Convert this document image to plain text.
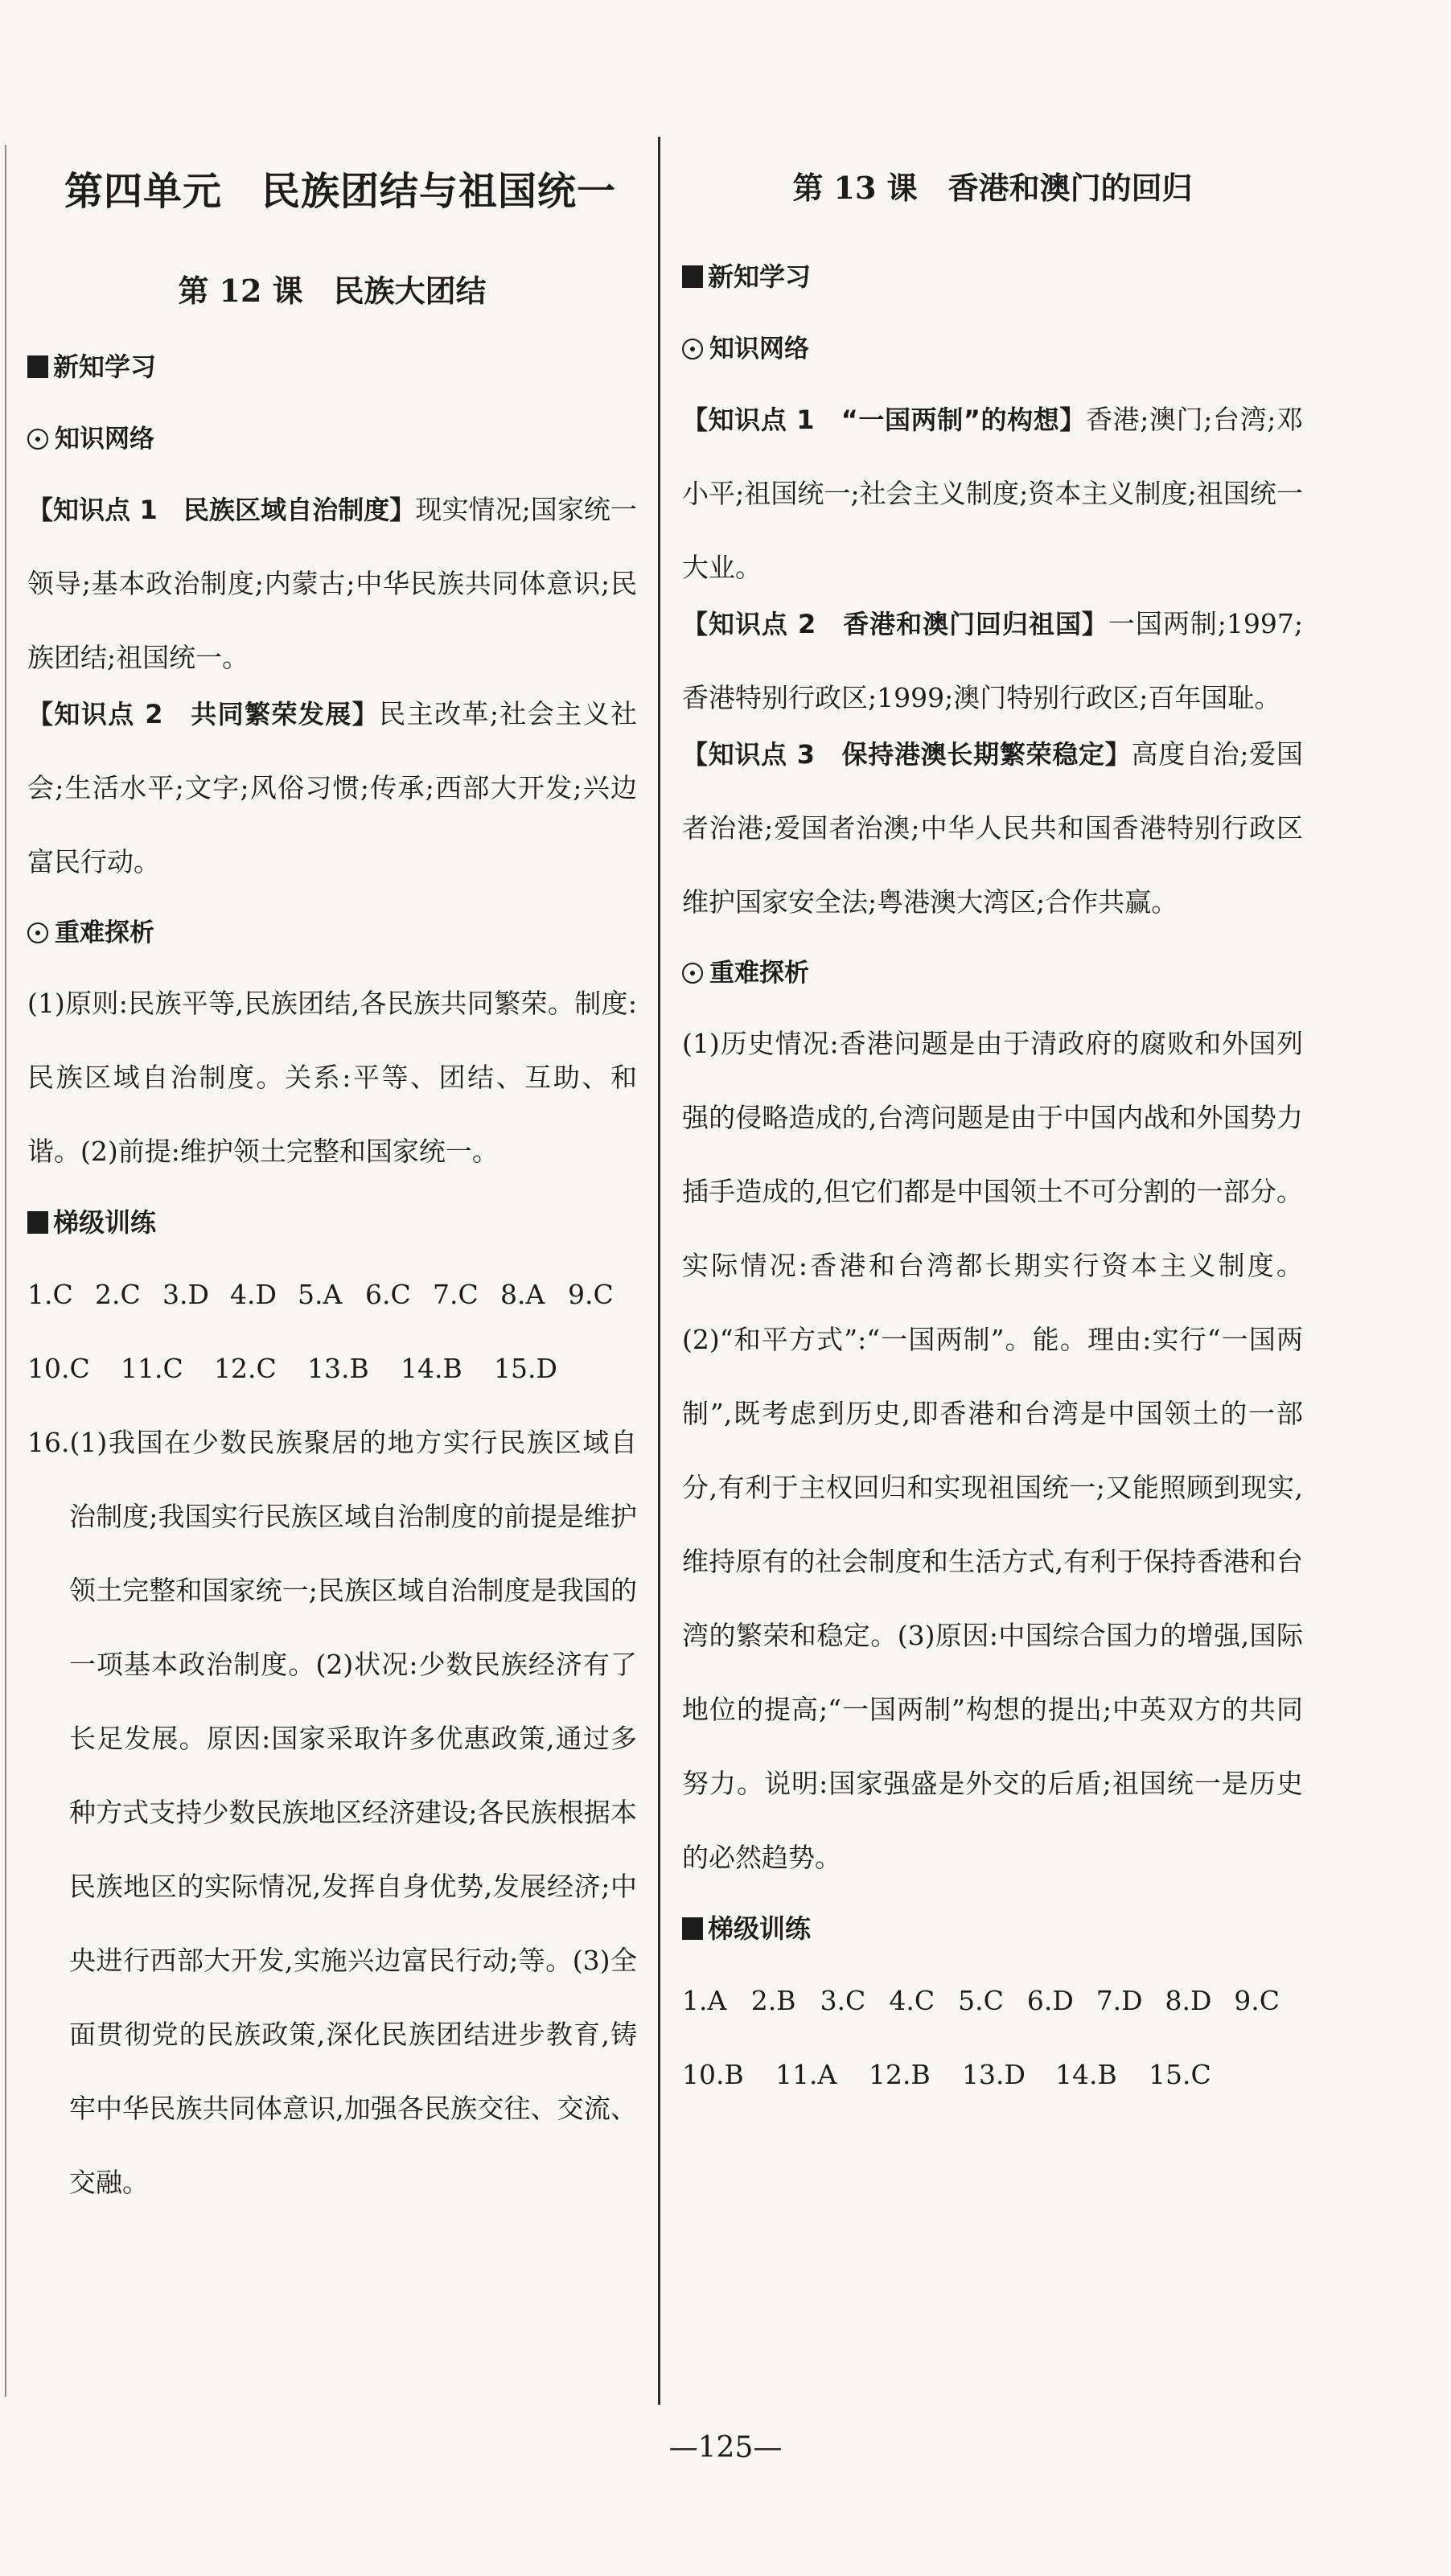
第四单元　民族团结与祖国统一
第 12 课　民族大团结
新知学习
知识网络

【知识点 1　民族区域自治制度】现实情况;国家统一领导;基本政治制度;内蒙古;中华民族共同体意识;民族团结;祖国统一。

【知识点 2　共同繁荣发展】民主改革;社会主义社会;生活水平;文字;风俗习惯;传承;西部大开发;兴边富民行动。

重难探析

(1)原则:民族平等,民族团结,各民族共同繁荣。制度:民族区域自治制度。关系:平等、团结、互助、和谐。(2)前提:维护领土完整和国家统一。

梯级训练
1.C 2.C 3.D 4.D 5.A 6.C 7.C 8.A 9.C
10.C	11.C	12.C	13.B	14.B	15.D

16.(1)我国在少数民族聚居的地方实行民族区域自治制度;我国实行民族区域自治制度的前提是维护领土完整和国家统一;民族区域自治制度是我国的一项基本政治制度。(2)状况:少数民族经济有了长足发展。原因:国家采取许多优惠政策,通过多种方式支持少数民族地区经济建设;各民族根据本民族地区的实际情况,发挥自身优势,发展经济;中央进行西部大开发,实施兴边富民行动;等。(3)全面贯彻党的民族政策,深化民族团结进步教育,铸牢中华民族共同体意识,加强各民族交往、交流、交融。

第 13 课　香港和澳门的回归
新知学习
知识网络

【知识点 1　“一国两制”的构想】香港;澳门;台湾;邓小平;祖国统一;社会主义制度;资本主义制度;祖国统一大业。

【知识点 2　香港和澳门回归祖国】一国两制;1997;香港特别行政区;1999;澳门特别行政区;百年国耻。

【知识点 3　保持港澳长期繁荣稳定】高度自治;爱国者治港;爱国者治澳;中华人民共和国香港特别行政区维护国家安全法;粤港澳大湾区;合作共赢。

重难探析

(1)历史情况:香港问题是由于清政府的腐败和外国列强的侵略造成的,台湾问题是由于中国内战和外国势力插手造成的,但它们都是中国领土不可分割的一部分。实际情况:香港和台湾都长期实行资本主义制度。(2)“和平方式”:“一国两制”。能。理由:实行“一国两制”,既考虑到历史,即香港和台湾是中国领土的一部分,有利于主权回归和实现祖国统一;又能照顾到现实,维持原有的社会制度和生活方式,有利于保持香港和台湾的繁荣和稳定。(3)原因:中国综合国力的增强,国际地位的提高;“一国两制”构想的提出;中英双方的共同努力。说明:国家强盛是外交的后盾;祖国统一是历史的必然趋势。

梯级训练
1.A 2.B 3.C 4.C 5.C 6.D 7.D 8.D 9.C
10.B	11.A	12.B	13.D	14.B	15.C
—125—
